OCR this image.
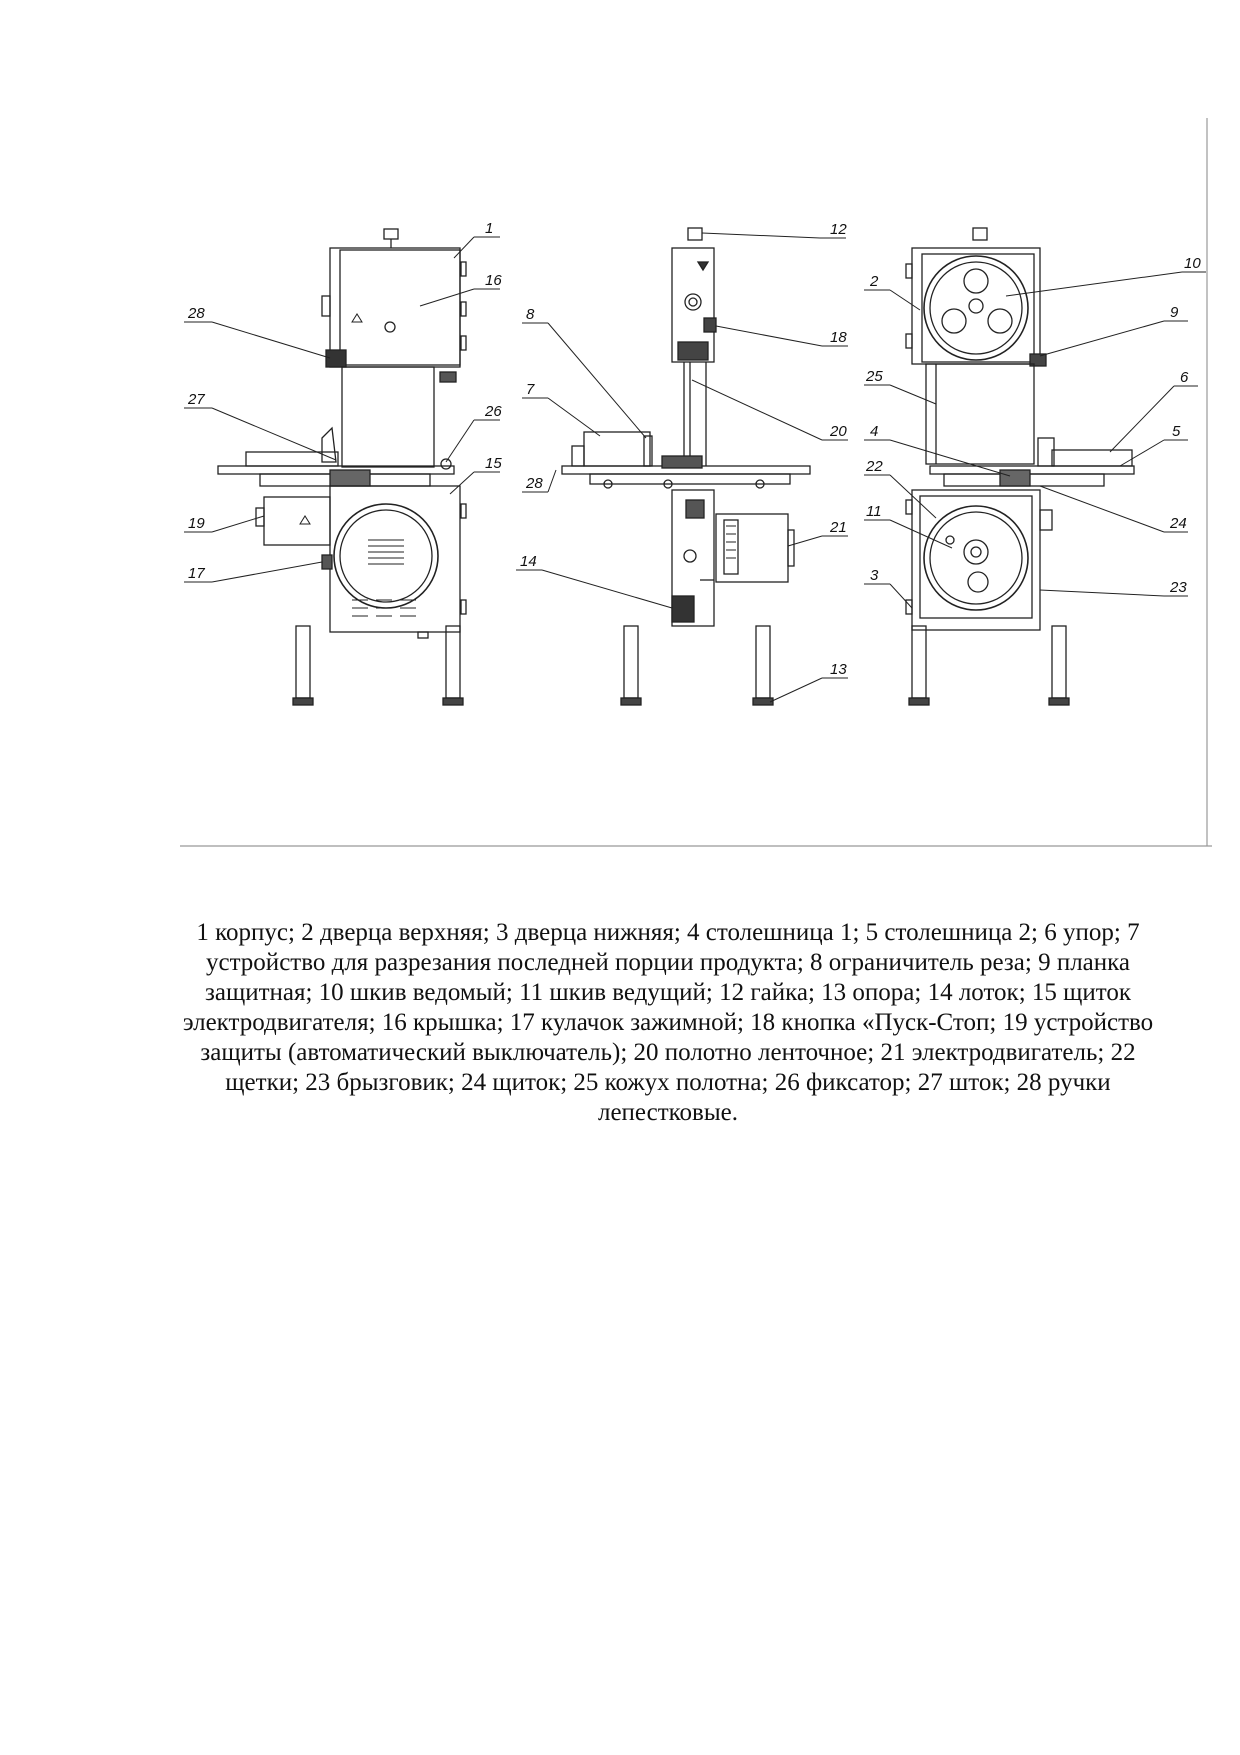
1
16
28
27
26
15
19
17
12
8
18
7
20
28
21
14
13
2
10
9
25	6
4	5
22
24
11
23
3
1 корпус; 2 дверца верхняя; 3 дверца нижняя; 4 столешница 1; 5 столешница 2; 6 упор; 7 устройство для разрезания последней порции продукта; 8 ограничитель реза; 9 планка защитная; 10 шкив ведомый; 11 шкив ведущий; 12 гайка; 13 опора; 14 лоток; 15 щиток электродвигателя; 16 крышка; 17 кулачок зажимной; 18 кнопка «Пуск-Стоп; 19 устройство защиты (автоматический выключатель); 20 полотно ленточное; 21 электродвигатель; 22 щетки; 23 брызговик; 24 щиток; 25 кожух полотна; 26 фиксатор; 27 шток; 28 ручки лепестковые.
